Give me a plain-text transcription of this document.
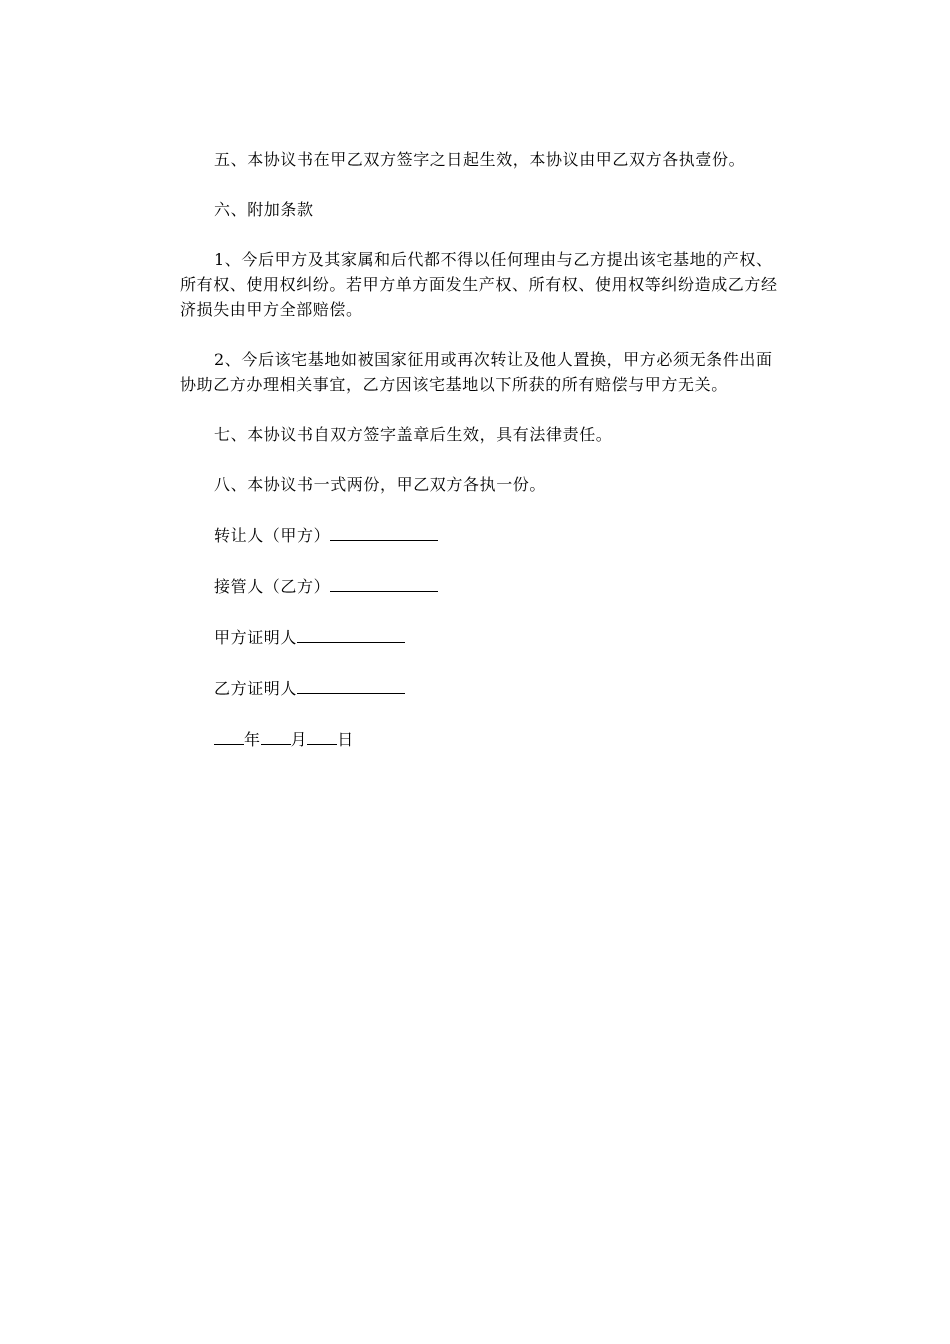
五、本协议书在甲乙双方签字之日起生效，本协议由甲乙双方各执壹份。

六、附加条款

1、今后甲方及其家属和后代都不得以任何理由与乙方提出该宅基地的产权、所有权、使用权纠纷。若甲方单方面发生产权、所有权、使用权等纠纷造成乙方经济损失由甲方全部赔偿。

2、今后该宅基地如被国家征用或再次转让及他人置换，甲方必须无条件出面协助乙方办理相关事宜，乙方因该宅基地以下所获的所有赔偿与甲方无关。

七、本协议书自双方签字盖章后生效，具有法律责任。

八、本协议书一式两份，甲乙双方各执一份。

转让人（甲方）

接管人（乙方）

甲方证明人

乙方证明人

年 月 日
